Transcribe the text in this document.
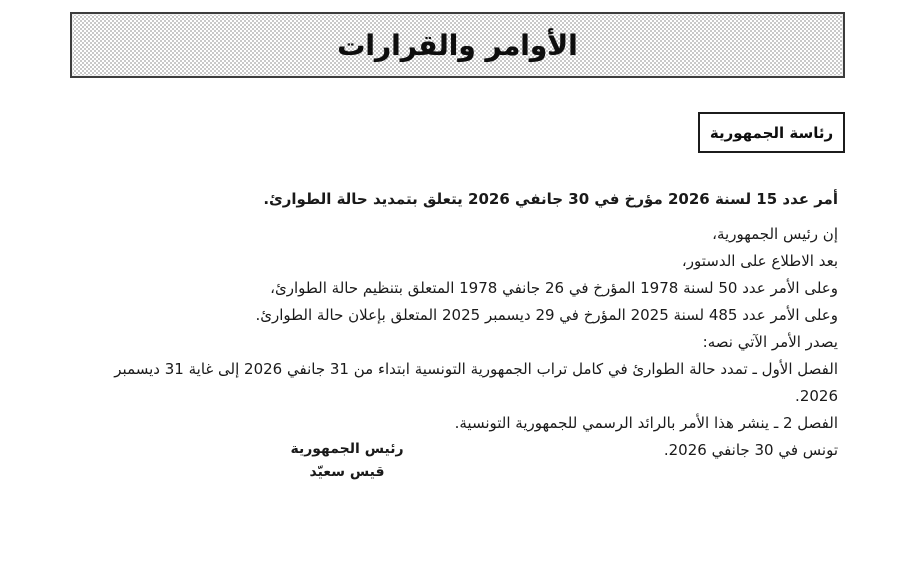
الأوامر والقرارات
رئاسة الجمهورية

أمر عدد 15 لسنة 2026 مؤرخ في 30 جانفي 2026 يتعلق بتمديد حالة الطوارئ.

إن رئيس الجمهورية،

بعد الاطلاع على الدستور،

وعلى الأمر عدد 50 لسنة 1978 المؤرخ في 26 جانفي 1978 المتعلق بتنظيم حالة الطوارئ،

وعلى الأمر عدد 485 لسنة 2025 المؤرخ في 29 ديسمبر 2025 المتعلق بإعلان حالة الطوارئ.

يصدر الأمر الآتي نصه:

الفصل الأول ـ تمدد حالة الطوارئ في كامل تراب الجمهورية التونسية ابتداء من 31 جانفي 2026 إلى غاية 31 ديسمبر 2026.

الفصل 2 ـ ينشر هذا الأمر بالرائد الرسمي للجمهورية التونسية.

تونس في 30 جانفي 2026.

رئيس الجمهورية
قيس سعيّد
